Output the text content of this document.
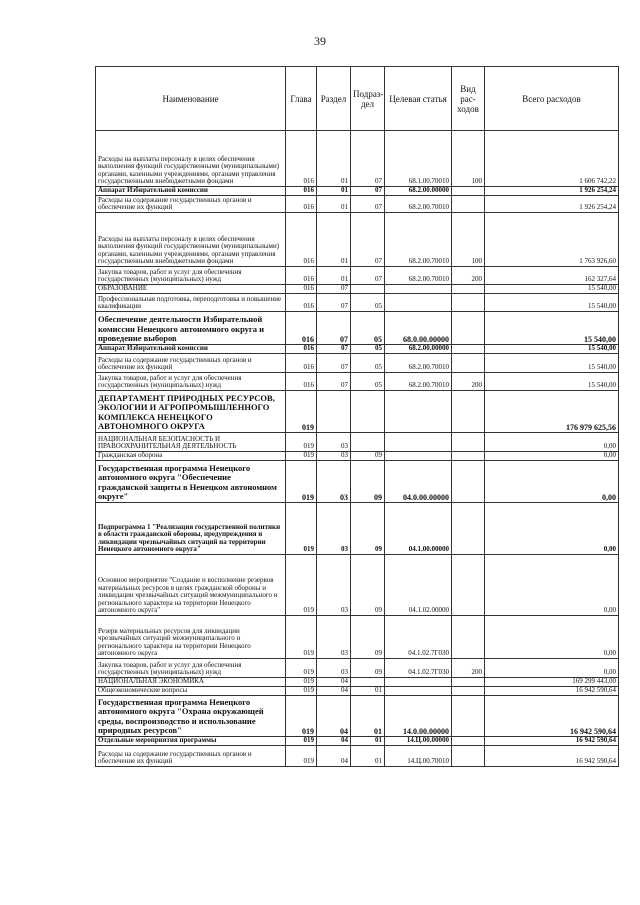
39
Наименование	Глава	Раздел	Подраз-дел	Целевая статья	Вид рас-ходов	Всего расходов
Расходы на выплаты персоналу в целях обеспечения выполнения функций государственными (муниципальными) органами, казенными учреждениями, органами управления государственными внебюджетными фондами	016	01	07	68.1.00.70010	100	1 606 742,22
Аппарат Избирательной комиссии	016	01	07	68.2.00.00000		1 926 254,24
Расходы на содержание государственных органов и обеспечение их функций	016	01	07	68.2.00.70010		1 926 254,24
Расходы на выплаты персоналу в целях обеспечения выполнения функций государственными (муниципальными) органами, казенными учреждениями, органами управления государственными внебюджетными фондами	016	01	07	68.2.00.70010	100	1 763 926,60
Закупка товаров, работ и услуг для обеспечения государственных (муниципальных) нужд	016	01	07	68.2.00.70010	200	162 327,64
ОБРАЗОВАНИЕ	016	07				15 540,00
Профессиональная подготовка, переподготовка и повышение квалификации	016	07	05			15 540,00
Обеспечение деятельности Избирательной комиссии Ненецкого автономного округа и проведение выборов	016	07	05	68.0.00.00000		15 540,00
Аппарат Избирательной комиссии	016	07	05	68.2.00.00000		15 540,00
Расходы на содержание государственных органов и обеспечение их функций	016	07	05	68.2.00.70010		15 540,00
Закупка товаров, работ и услуг для обеспечения государственных (муниципальных) нужд	016	07	05	68.2.00.70010	200	15 540,00
ДЕПАРТАМЕНТ ПРИРОДНЫХ РЕСУРСОВ, ЭКОЛОГИИ И АГРОПРОМЫШЛЕННОГО КОМПЛЕКСА НЕНЕЦКОГО АВТОНОМНОГО ОКРУГА	019					176 979 625,56
НАЦИОНАЛЬНАЯ БЕЗОПАСНОСТЬ И ПРАВООХРАНИТЕЛЬНАЯ ДЕЯТЕЛЬНОСТЬ	019	03				0,00
Гражданская оборона	019	03	09			0,00
Государственная программа Ненецкого автономного округа "Обеспечение гражданской защиты в Ненецком автономном округе"	019	03	09	04.0.00.00000		0,00
Подпрограмма 1 "Реализация государственной политики в области гражданской обороны, предупреждения и ликвидации чрезвычайных ситуаций на территории Ненецкого автономного округа"	019	03	09	04.1.00.00000		0,00
Основное мероприятие "Создание и восполнение резервов материальных ресурсов в целях гражданской обороны и ликвидации чрезвычайных ситуаций межмуниципального и регионального характера на территории Ненецкого автономного округа"	019	03	09	04.1.02.00000		0,00
Резерв материальных ресурсов для ликвидации чрезвычайных ситуаций межмуниципального и регионального характера на территории Ненецкого автономного округа	019	03	09	04.1.02.7Г030		0,00
Закупка товаров, работ и услуг для обеспечения государственных (муниципальных) нужд	019	03	09	04.1.02.7Г030	200	0,00
НАЦИОНАЛЬНАЯ ЭКОНОМИКА	019	04				169 299 443,00
Общеэкономические вопросы	019	04	01			16 942 590,64
Государственная программа Ненецкого автономного округа "Охрана окружающей среды, воспроизводство и использование природных ресурсов"	019	04	01	14.0.00.00000		16 942 590,64
Отдельные мероприятия программы	019	04	01	14.Ц.00.00000		16 942 590,64
Расходы на содержание государственных органов и обеспечение их функций	019	04	01	14.Ц.00.70010		16 942 590,64
